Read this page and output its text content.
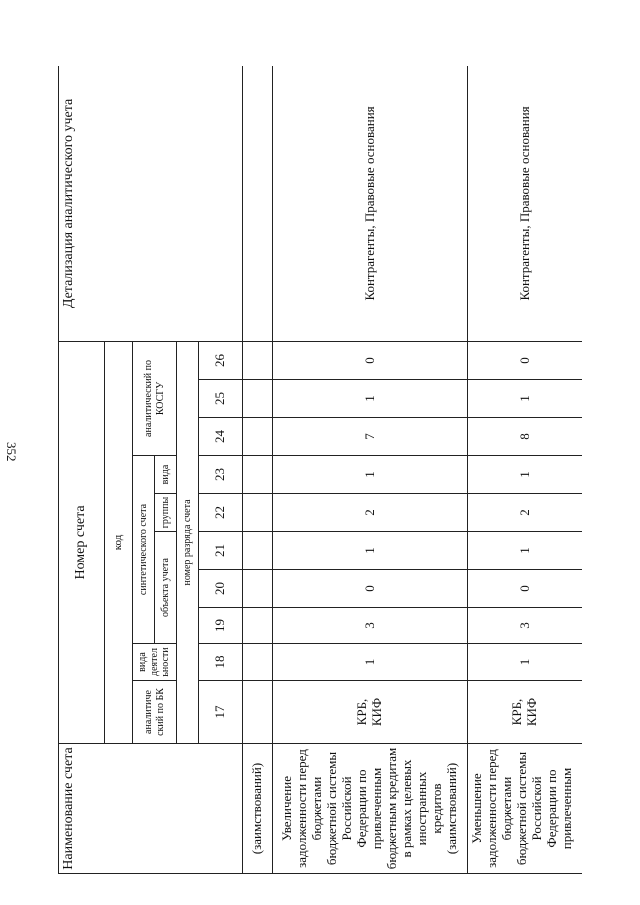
352
Наименование счета	Номер счета										Детализация аналитического учета
	код										
	аналитиче ский по БК	вида деятел ьности	синтетического счета					аналитический по КОСГУ			
			объекта учета			группы	вида				
	номер разряда счета										
	17	18	19	20	21	22	23	24	25	26	
(заимствований)											
Увеличение задолженности перед бюджетами бюджетной системы Российской Федерации по привлеченным бюджетным кредитам в рамках целевых иностранных кредитов (заимствований)	КРБ, КИФ	1	3	0	1	2	1	7	1	0	Контрагенты, Правовые основания
Уменьшение задолженности перед бюджетами бюджетной системы Российской Федерации по привлеченным	КРБ, КИФ	1	3	0	1	2	1	8	1	0	Контрагенты, Правовые основания
